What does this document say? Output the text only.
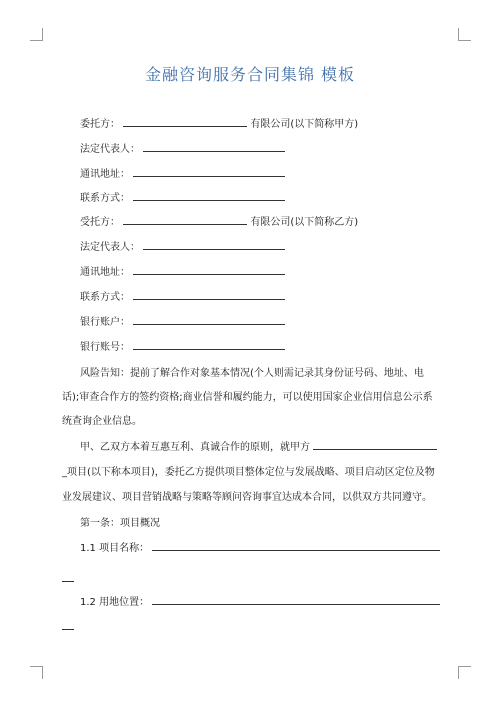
金融咨询服务合同集锦 模板
委托方：	有限公司(以下简称甲方)
法定代表人：
通讯地址：
联系方式：
受托方：	有限公司(以下简称乙方)
法定代表人：
通讯地址：
联系方式：
银行账户：
银行账号：
风险告知：提前了解合作对象基本情况(个人则需记录其身份证号码、地址、电
话);审查合作方的签约资格;商业信誉和履约能力，可以使用国家企业信用信息公示系
统查询企业信息。
甲、乙双方本着互惠互利、真诚合作的原则，就甲方
_项目(以下称本项目)，委托乙方提供项目整体定位与发展战略、项目启动区定位及物
业发展建议、项目营销战略与策略等顾问咨询事宜达成本合同，以供双方共同遵守。
第一条：项目概况
1.1 项目名称：
1.2 用地位置：
